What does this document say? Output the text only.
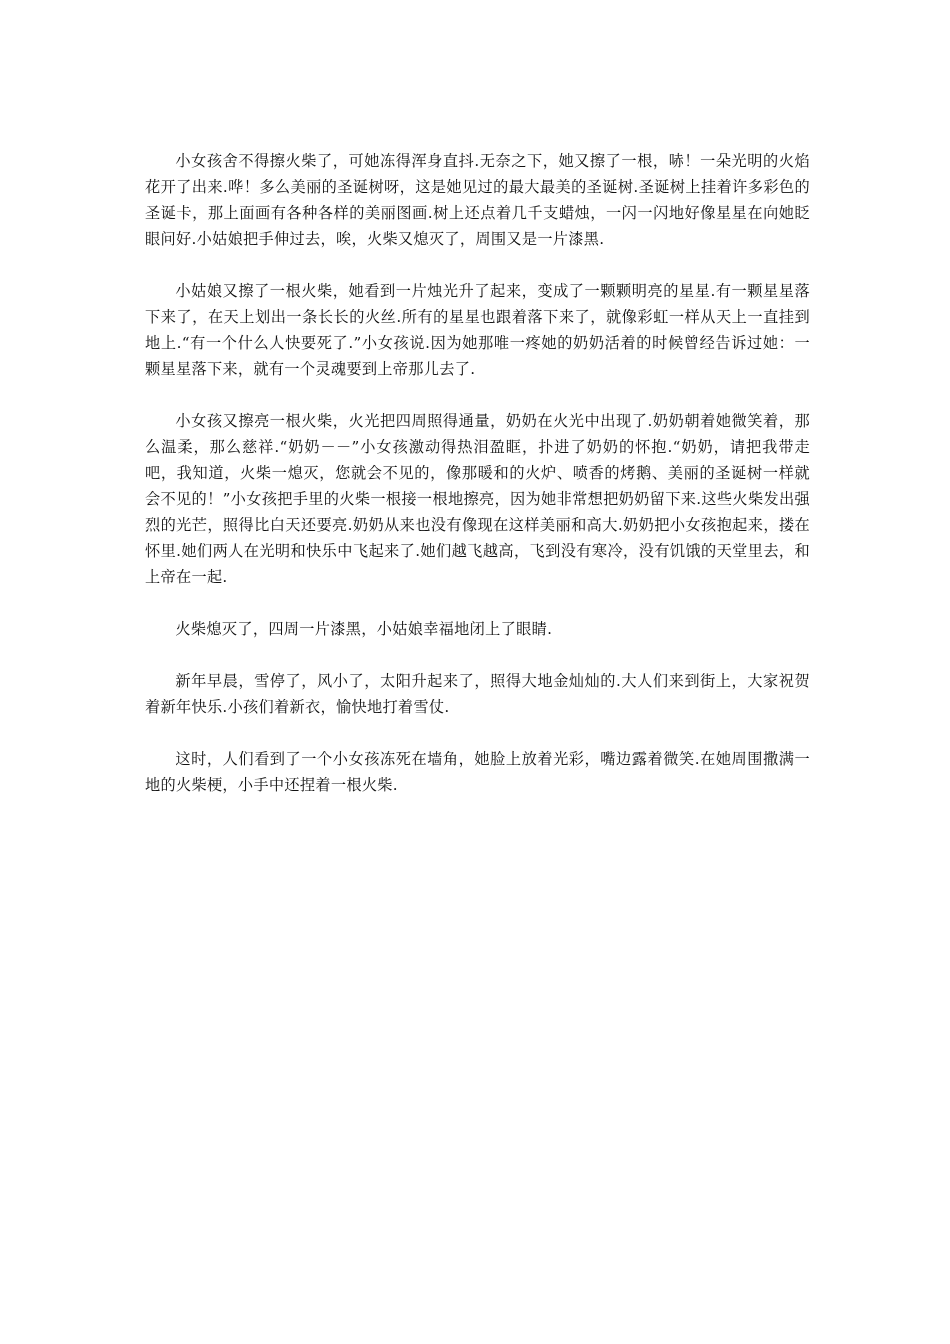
小女孩舍不得擦火柴了，可她冻得浑身直抖.无奈之下，她又擦了一根，哧！一朵光明的火焰花开了出来.哗！多么美丽的圣诞树呀，这是她见过的最大最美的圣诞树.圣诞树上挂着许多彩色的圣诞卡，那上面画有各种各样的美丽图画.树上还点着几千支蜡烛，一闪一闪地好像星星在向她眨眼问好.小姑娘把手伸过去，唉，火柴又熄灭了，周围又是一片漆黑.

小姑娘又擦了一根火柴，她看到一片烛光升了起来，变成了一颗颗明亮的星星.有一颗星星落下来了，在天上划出一条长长的火丝.所有的星星也跟着落下来了，就像彩虹一样从天上一直挂到地上.“有一个什么人快要死了.”小女孩说.因为她那唯一疼她的奶奶活着的时候曾经告诉过她：一颗星星落下来，就有一个灵魂要到上帝那儿去了.

小女孩又擦亮一根火柴，火光把四周照得通量，奶奶在火光中出现了.奶奶朝着她微笑着，那么温柔，那么慈祥.“奶奶－－”小女孩激动得热泪盈眶，扑进了奶奶的怀抱.“奶奶，请把我带走吧，我知道，火柴一熄灭，您就会不见的，像那暖和的火炉、喷香的烤鹅、美丽的圣诞树一样就会不见的！”小女孩把手里的火柴一根接一根地擦亮，因为她非常想把奶奶留下来.这些火柴发出强烈的光芒，照得比白天还要亮.奶奶从来也没有像现在这样美丽和高大.奶奶把小女孩抱起来，搂在怀里.她们两人在光明和快乐中飞起来了.她们越飞越高，飞到没有寒冷，没有饥饿的天堂里去，和上帝在一起.

火柴熄灭了，四周一片漆黑，小姑娘幸福地闭上了眼睛.

新年早晨，雪停了，风小了，太阳升起来了，照得大地金灿灿的.大人们来到街上，大家祝贺着新年快乐.小孩们着新衣，愉快地打着雪仗.

这时，人们看到了一个小女孩冻死在墙角，她脸上放着光彩，嘴边露着微笑.在她周围撒满一地的火柴梗，小手中还捏着一根火柴.
